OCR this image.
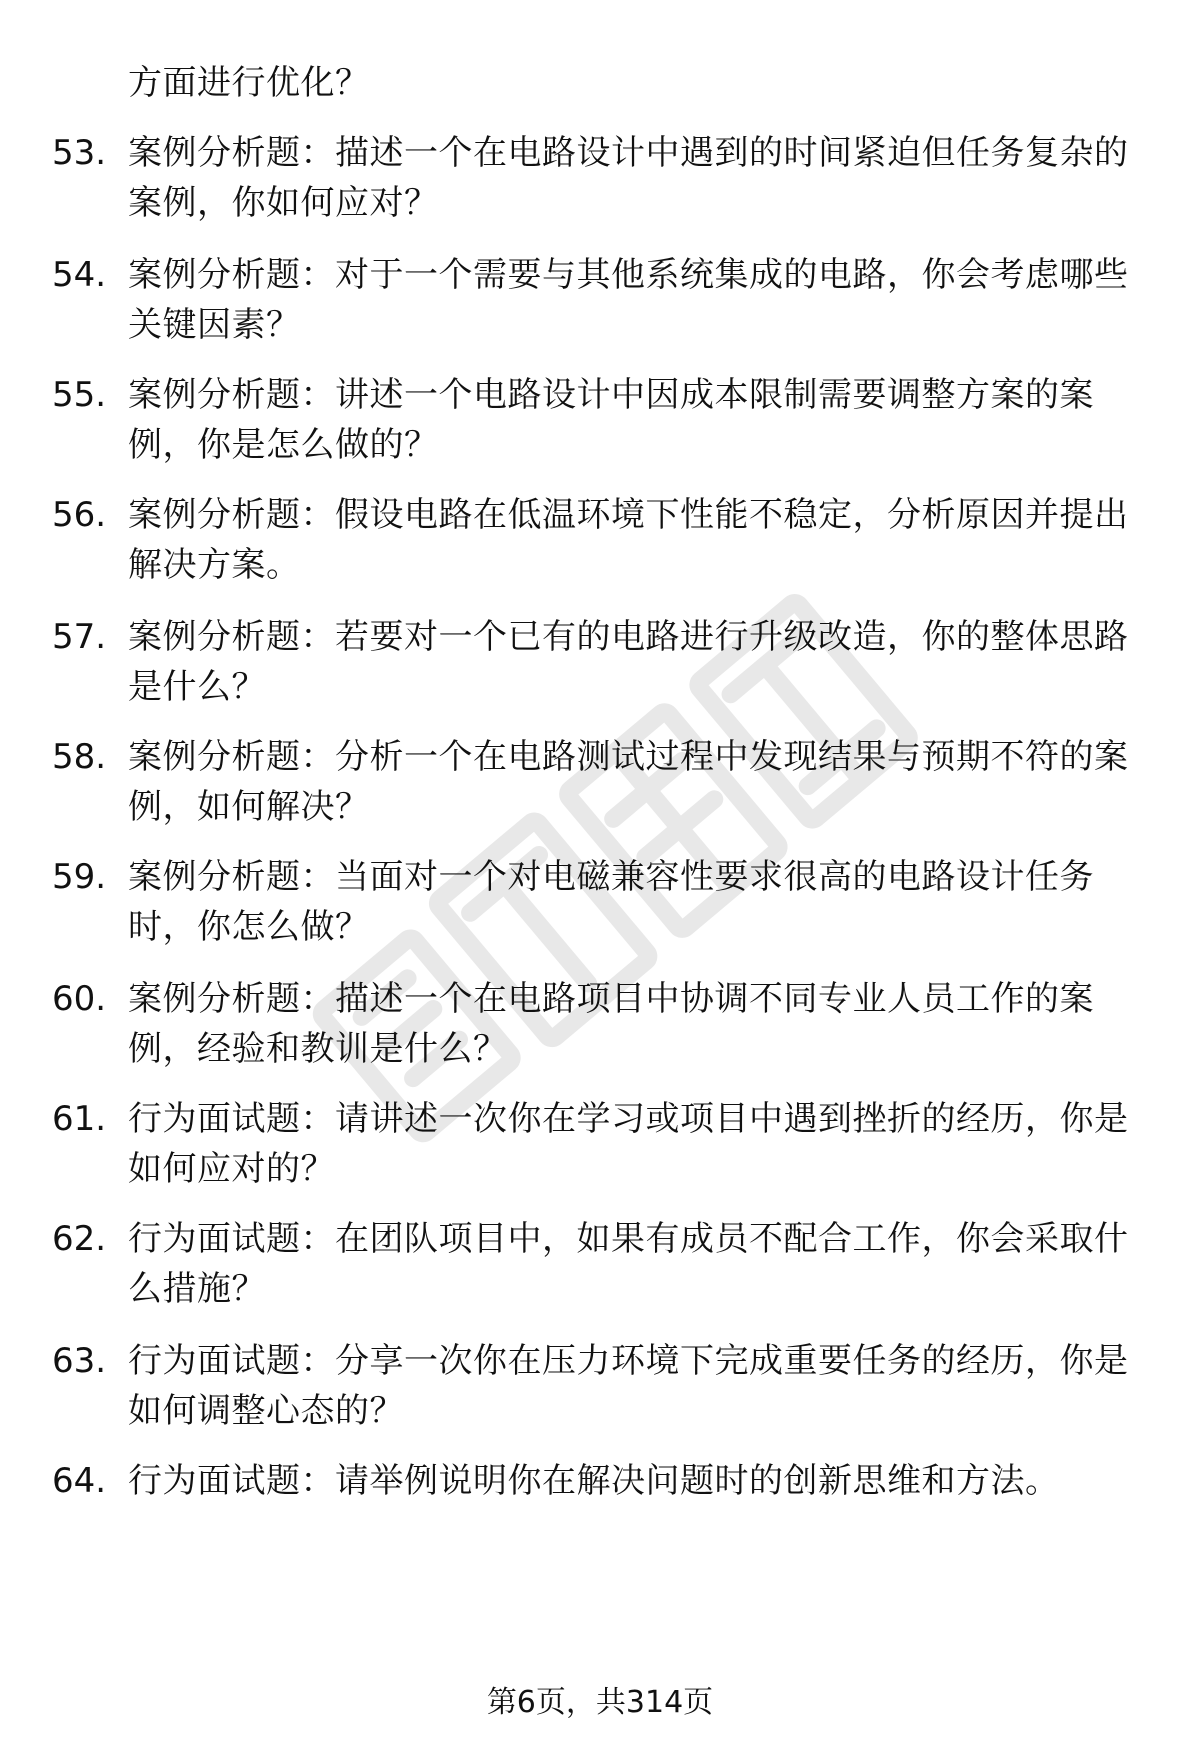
方面进行优化？
53. 案例分析题：描述一个在电路设计中遇到的时间紧迫但任务复杂的案例，你如何应对？
54. 案例分析题：对于一个需要与其他系统集成的电路，你会考虑哪些关键因素？
55. 案例分析题：讲述一个电路设计中因成本限制需要调整方案的案例，你是怎么做的？
56. 案例分析题：假设电路在低温环境下性能不稳定，分析原因并提出解决方案。
57. 案例分析题：若要对一个已有的电路进行升级改造，你的整体思路是什么？
58. 案例分析题：分析一个在电路测试过程中发现结果与预期不符的案例，如何解决？
59. 案例分析题：当面对一个对电磁兼容性要求很高的电路设计任务时，你怎么做？
60. 案例分析题：描述一个在电路项目中协调不同专业人员工作的案例，经验和教训是什么？
61. 行为面试题：请讲述一次你在学习或项目中遇到挫折的经历，你是如何应对的？
62. 行为面试题：在团队项目中，如果有成员不配合工作，你会采取什么措施？
63. 行为面试题：分享一次你在压力环境下完成重要任务的经历，你是如何调整心态的？
64. 行为面试题：请举例说明你在解决问题时的创新思维和方法。
第6页，共314页
